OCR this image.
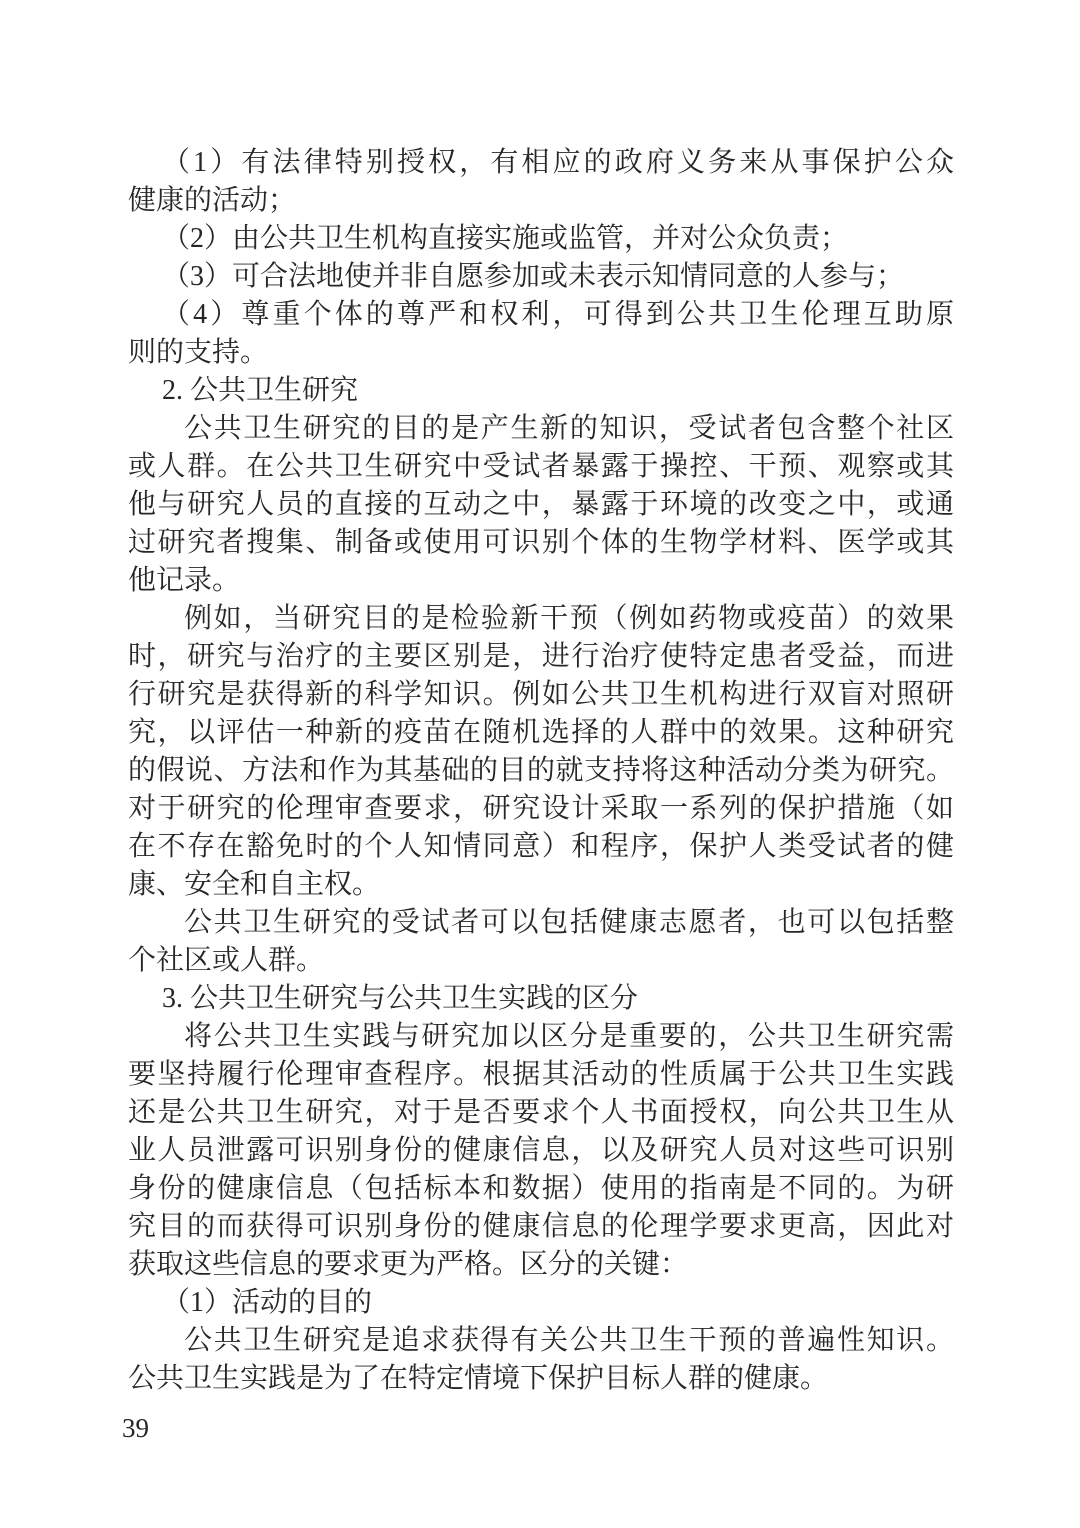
（1）有法律特别授权，有相应的政府义务来从事保护公众
健康的活动；
（2）由公共卫生机构直接实施或监管，并对公众负责；
（3）可合法地使并非自愿参加或未表示知情同意的人参与；
（4）尊重个体的尊严和权利，可得到公共卫生伦理互助原
则的支持。
2. 公共卫生研究
公共卫生研究的目的是产生新的知识，受试者包含整个社区
或人群。在公共卫生研究中受试者暴露于操控、干预、观察或其
他与研究人员的直接的互动之中，暴露于环境的改变之中，或通
过研究者搜集、制备或使用可识别个体的生物学材料、医学或其
他记录。
例如，当研究目的是检验新干预（例如药物或疫苗）的效果
时，研究与治疗的主要区别是，进行治疗使特定患者受益，而进
行研究是获得新的科学知识。例如公共卫生机构进行双盲对照研
究，以评估一种新的疫苗在随机选择的人群中的效果。这种研究
的假说、方法和作为其基础的目的就支持将这种活动分类为研究。
对于研究的伦理审查要求，研究设计采取一系列的保护措施（如
在不存在豁免时的个人知情同意）和程序，保护人类受试者的健
康、安全和自主权。
公共卫生研究的受试者可以包括健康志愿者，也可以包括整
个社区或人群。
3. 公共卫生研究与公共卫生实践的区分
将公共卫生实践与研究加以区分是重要的，公共卫生研究需
要坚持履行伦理审查程序。根据其活动的性质属于公共卫生实践
还是公共卫生研究，对于是否要求个人书面授权，向公共卫生从
业人员泄露可识别身份的健康信息，以及研究人员对这些可识别
身份的健康信息（包括标本和数据）使用的指南是不同的。为研
究目的而获得可识别身份的健康信息的伦理学要求更高，因此对
获取这些信息的要求更为严格。区分的关键：
（1）活动的目的
公共卫生研究是追求获得有关公共卫生干预的普遍性知识。
公共卫生实践是为了在特定情境下保护目标人群的健康。
39
